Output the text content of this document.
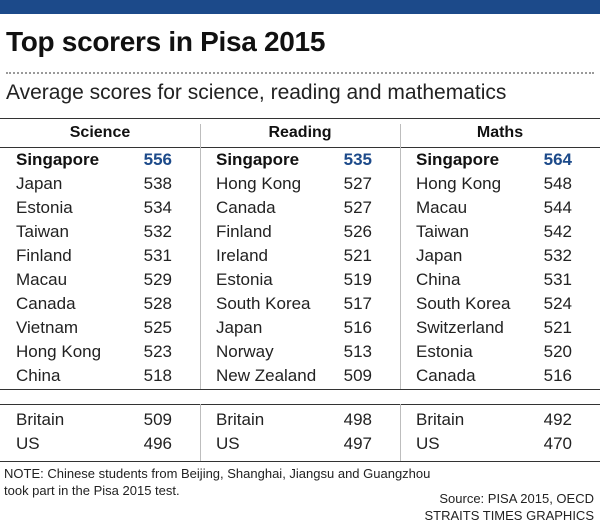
Top scorers in Pisa 2015
Average scores for science, reading and mathematics
Science
Singapore	556
Japan	538
Estonia	534
Taiwan	532
Finland	531
Macau	529
Canada	528
Vietnam	525
Hong Kong	523
China	518
Britain	509
US	496
Reading
Singapore	535
Hong Kong	527
Canada	527
Finland	526
Ireland	521
Estonia	519
South Korea	517
Japan	516
Norway	513
New Zealand	509
Britain	498
US	497
Maths
Singapore	564
Hong Kong	548
Macau	544
Taiwan	542
Japan	532
China	531
South Korea	524
Switzerland	521
Estonia	520
Canada	516
Britain	492
US	470
NOTE: Chinese students from Beijing, Shanghai, Jiangsu and Guangzhou
took part in the Pisa 2015 test.
Source: PISA 2015, OECD
STRAITS TIMES GRAPHICS
